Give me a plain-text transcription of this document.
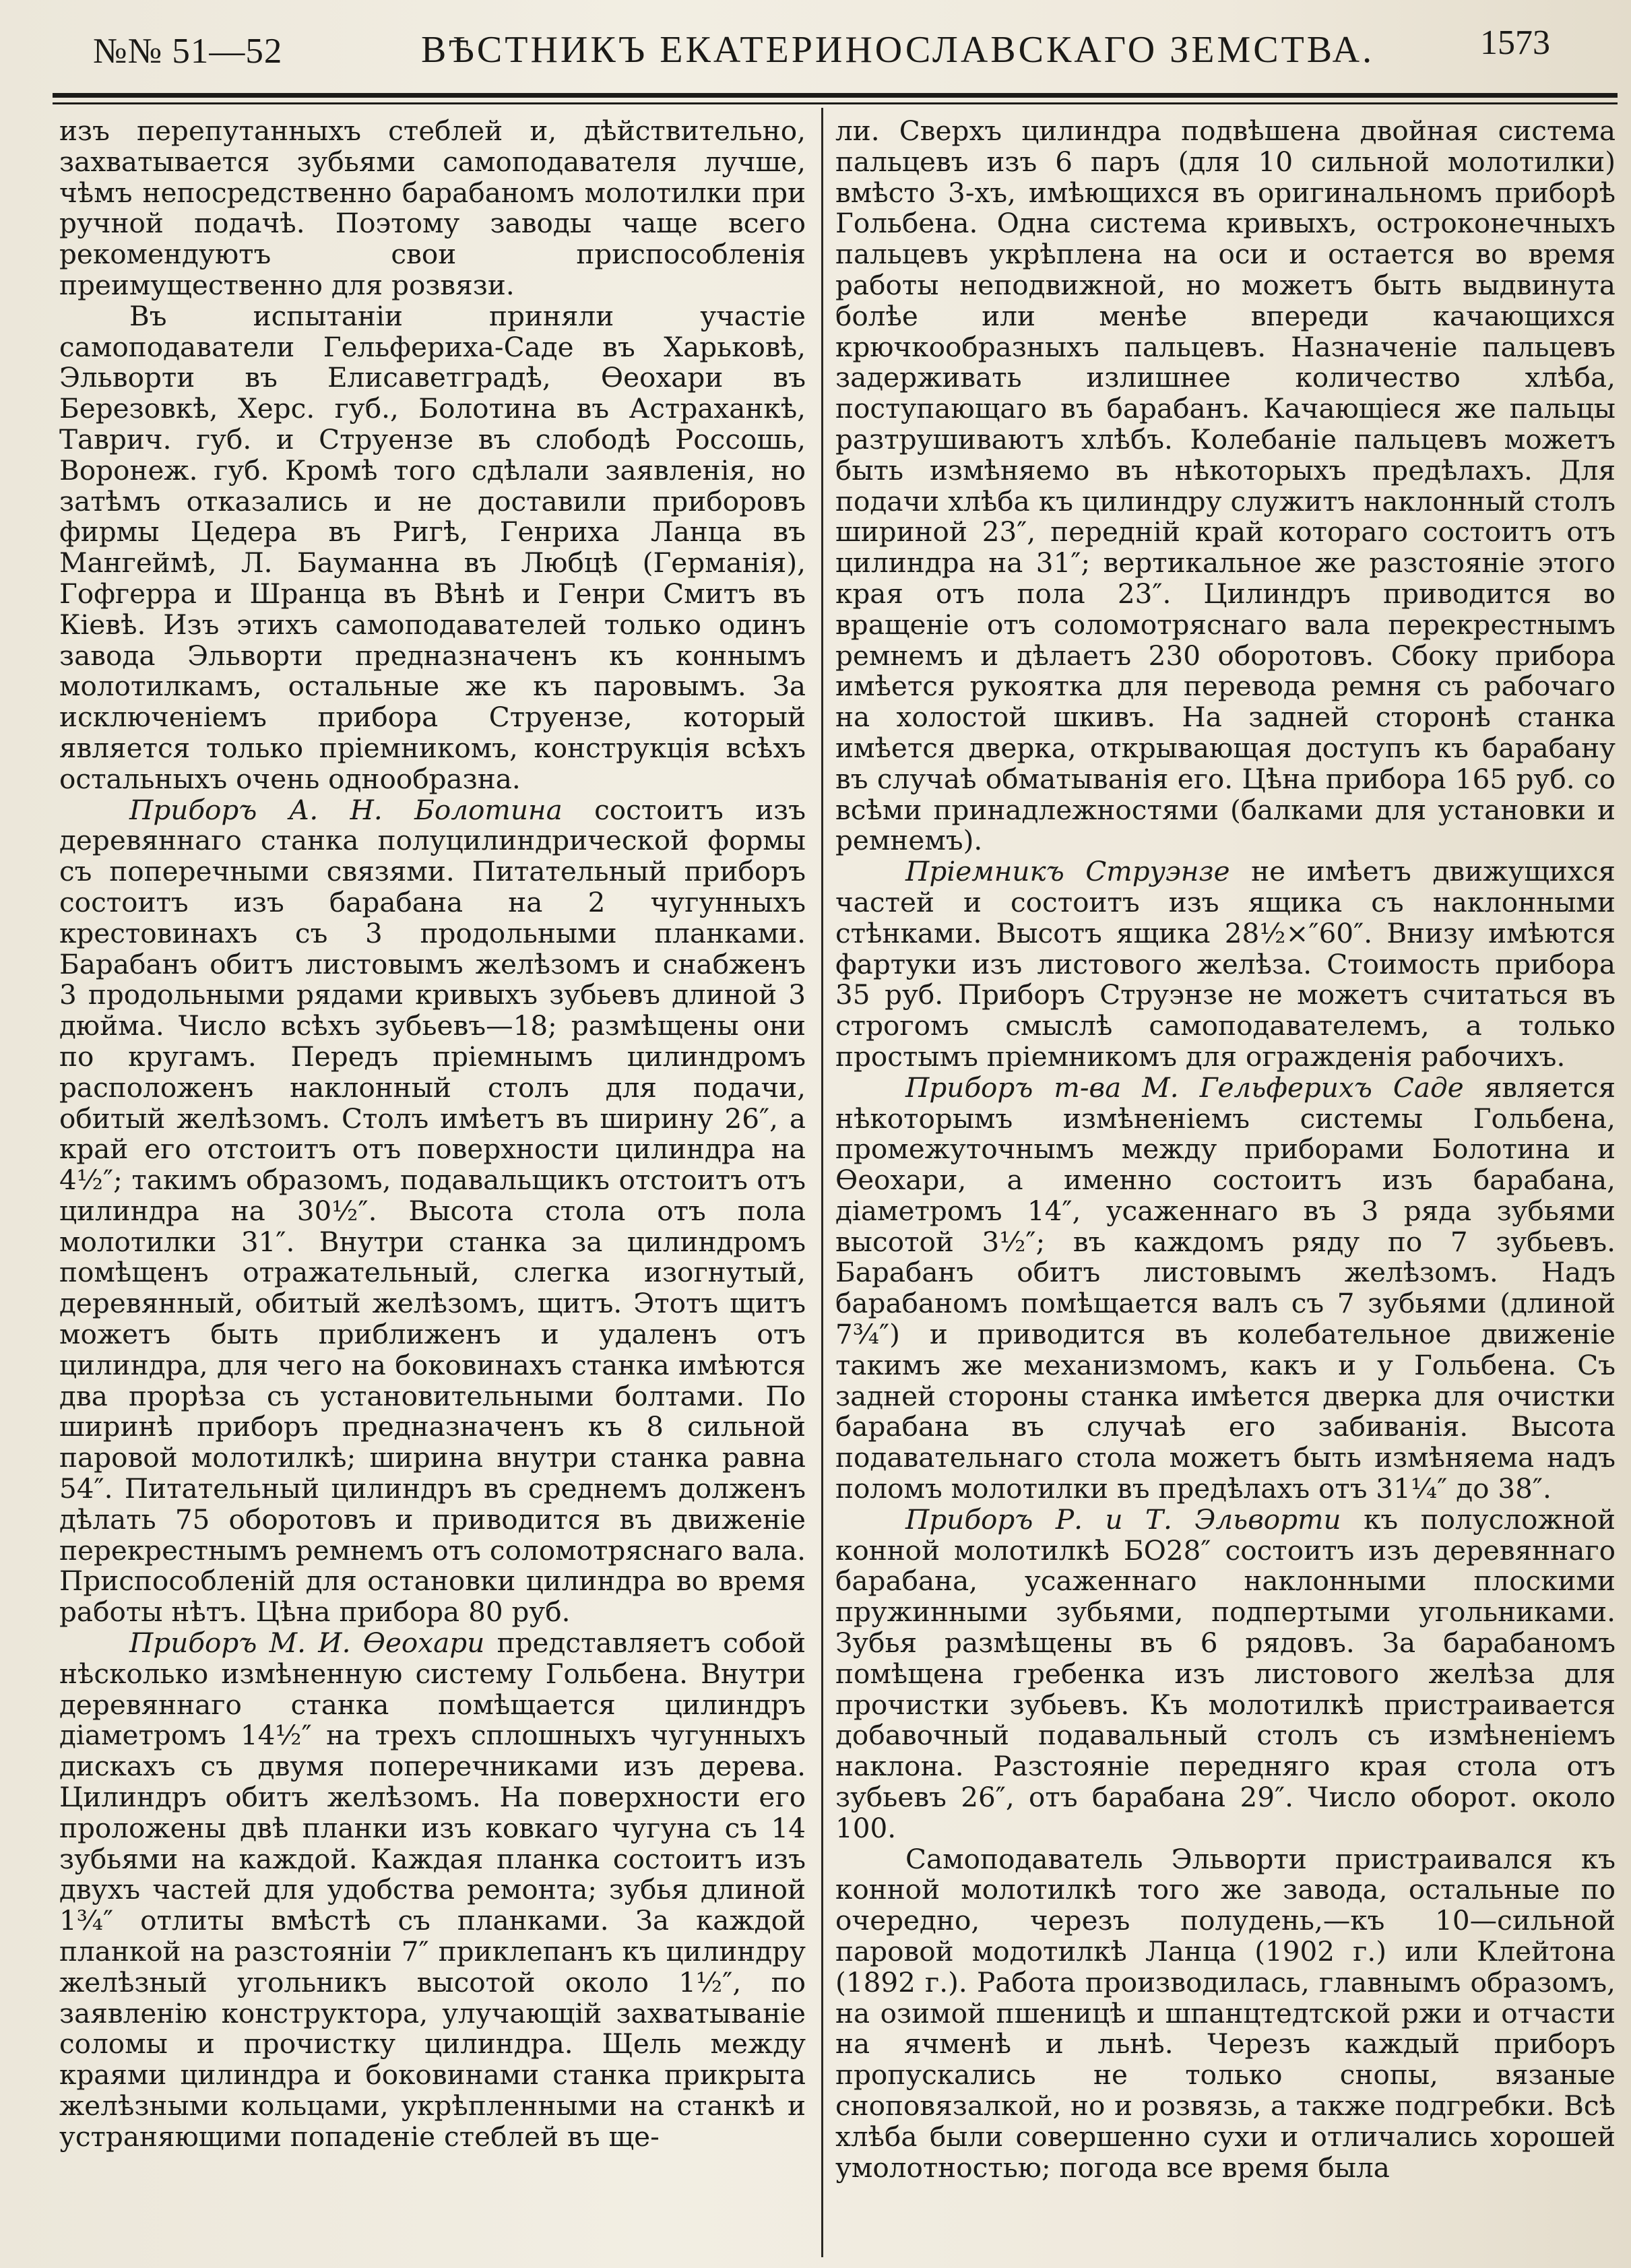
№№ 51—52	ВѢСТНИКЪ ЕКАТЕРИНОСЛАВСКАГО ЗЕМСТВА.	1573

изъ перепутанныхъ стеблей и, дѣйствительно, захватывается зубьями самоподавателя лучше, чѣмъ непосредственно барабаномъ молотилки при ручной подачѣ. Поэтому заводы чаще всего рекомендуютъ свои приспособленія преимущественно для розвязи.

Въ испытаніи приняли участіе самоподаватели Гельфериха-Саде въ Харьковѣ, Эльворти въ Елисаветградѣ, Ѳеохари въ Березовкѣ, Херс. губ., Болотина въ Астраханкѣ, Таврич. губ. и Струензе въ слободѣ Россошь, Воронеж. губ. Кромѣ того сдѣлали заявленія, но затѣмъ отказались и не доставили приборовъ фирмы Цедера въ Ригѣ, Генриха Ланца въ Мангеймѣ, Л. Бауманна въ Любцѣ (Германія), Гофгерра и Шранца въ Вѣнѣ и Генри Смитъ въ Кіевѣ. Изъ этихъ самоподавателей только одинъ завода Эльворти предназначенъ къ коннымъ молотилкамъ, остальные же къ паровымъ. За исключеніемъ прибора Струензе, который является только пріемникомъ, конструкція всѣхъ остальныхъ очень однообразна.

Приборъ А. Н. Болотина состоитъ изъ деревяннаго станка полуцилиндрической формы съ поперечными связями. Питательный приборъ состоитъ изъ барабана на 2 чугунныхъ крестовинахъ съ 3 продольными планками. Барабанъ обитъ листовымъ желѣзомъ и снабженъ 3 продольными рядами кривыхъ зубьевъ длиной 3 дюйма. Число всѣхъ зубьевъ—18; размѣщены они по кругамъ. Передъ пріемнымъ цилиндромъ расположенъ наклонный столъ для подачи, обитый желѣзомъ. Столъ имѣетъ въ ширину 26″, а край его отстоитъ отъ поверхности цилиндра на 4½″; такимъ образомъ, подавальщикъ отстоитъ отъ цилиндра на 30½″. Высота стола отъ пола молотилки 31″. Внутри станка за цилиндромъ помѣщенъ отражательный, слегка изогнутый, деревянный, обитый желѣзомъ, щитъ. Этотъ щитъ можетъ быть приближенъ и удаленъ отъ цилиндра, для чего на боковинахъ станка имѣются два прорѣза съ установительными болтами. По ширинѣ приборъ предназначенъ къ 8 сильной паровой молотилкѣ; ширина внутри станка равна 54″. Питательный цилиндръ въ среднемъ долженъ дѣлать 75 оборотовъ и приводится въ движеніе перекрестнымъ ремнемъ отъ соломотряснаго вала. Приспособленій для остановки цилиндра во время работы нѣтъ. Цѣна прибора 80 руб.

Приборъ М. И. Ѳеохари представляетъ собой нѣсколько измѣненную систему Гольбена. Внутри деревяннаго станка помѣщается цилиндръ діаметромъ 14½″ на трехъ сплошныхъ чугунныхъ дискахъ съ двумя поперечниками изъ дерева. Цилиндръ обитъ желѣзомъ. На поверхности его проложены двѣ планки изъ ковкаго чугуна съ 14 зубьями на каждой. Каждая планка состоитъ изъ двухъ частей для удобства ремонта; зубья длиной 1¾″ отлиты вмѣстѣ съ планками. За каждой планкой на разстояніи 7″ приклепанъ къ цилиндру желѣзный угольникъ высотой около 1½″, по заявленію конструктора, улучающій захватываніе соломы и прочистку цилиндра. Щель между краями цилиндра и боковинами станка прикрыта желѣзными кольцами, укрѣпленными на станкѣ и устраняющими попаденіе стеблей въ ще-

ли. Сверхъ цилиндра подвѣшена двойная система пальцевъ изъ 6 паръ (для 10 сильной молотилки) вмѣсто 3-хъ, имѣющихся въ оригинальномъ приборѣ Гольбена. Одна система кривыхъ, остроконечныхъ пальцевъ укрѣплена на оси и остается во время работы неподвижной, но можетъ быть выдвинута болѣе или менѣе впереди качающихся крючкообразныхъ пальцевъ. Назначеніе пальцевъ задерживать излишнее количество хлѣба, поступающаго въ барабанъ. Качающіеся же пальцы разтрушиваютъ хлѣбъ. Колебаніе пальцевъ можетъ быть измѣняемо въ нѣкоторыхъ предѣлахъ. Для подачи хлѣба къ цилиндру служитъ наклонный столъ шириной 23″, передній край котораго состоитъ отъ цилиндра на 31″; вертикальное же разстояніе этого края отъ пола 23″. Цилиндръ приводится во вращеніе отъ соломотряснаго вала перекрестнымъ ремнемъ и дѣлаетъ 230 оборотовъ. Сбоку прибора имѣется рукоятка для перевода ремня съ рабочаго на холостой шкивъ. На задней сторонѣ станка имѣется дверка, открывающая доступъ къ барабану въ случаѣ обматыванія его. Цѣна прибора 165 руб. со всѣми принадлежностями (балками для установки и ремнемъ).

Пріемникъ Струэнзе не имѣетъ движущихся частей и состоитъ изъ ящика съ наклонными стѣнками. Высотъ ящика 28½×″60″. Внизу имѣются фартуки изъ листового желѣза. Стоимость прибора 35 руб. Приборъ Струэнзе не можетъ считаться въ строгомъ смыслѣ самоподавателемъ, а только простымъ пріемникомъ для огражденія рабочихъ.

Приборъ т-ва М. Гельферихъ Саде является нѣкоторымъ измѣненіемъ системы Гольбена, промежуточнымъ между приборами Болотина и Ѳеохари, а именно состоитъ изъ барабана, діаметромъ 14″, усаженнаго въ 3 ряда зубьями высотой 3½″; въ каждомъ ряду по 7 зубьевъ. Барабанъ обитъ листовымъ желѣзомъ. Надъ барабаномъ помѣщается валъ съ 7 зубьями (длиной 7¾″) и приводится въ колебательное движеніе такимъ же механизмомъ, какъ и у Гольбена. Съ задней стороны станка имѣется дверка для очистки барабана въ случаѣ его забиванія. Высота подавательнаго стола можетъ быть измѣняема надъ поломъ молотилки въ предѣлахъ отъ 31¼″ до 38″.

Приборъ Р. и Т. Эльворти къ полусложной конной молотилкѣ БО28″ состоитъ изъ деревяннаго барабана, усаженнаго наклонными плоскими пружинными зубьями, подпертыми угольниками. Зубья размѣщены въ 6 рядовъ. За барабаномъ помѣщена гребенка изъ листового желѣза для прочистки зубьевъ. Къ молотилкѣ пристраивается добавочный подавальный столъ съ измѣненіемъ наклона. Разстояніе передняго края стола отъ зубьевъ 26″, отъ барабана 29″. Число оборот. около 100.

Самоподаватель Эльворти пристраивался къ конной молотилкѣ того же завода, остальные по очередно, черезъ полудень,—къ 10—сильной паровой модотилкѣ Ланца (1902 г.) или Клейтона (1892 г.). Работа производилась, главнымъ образомъ, на озимой пшеницѣ и шпанцтедтской ржи и отчасти на ячменѣ и льнѣ. Черезъ каждый приборъ пропускались не только снопы, вязаные сноповязалкой, но и розвязь, а также подгребки. Всѣ хлѣба были совершенно сухи и отличались хорошей умолотностью; погода все время была
